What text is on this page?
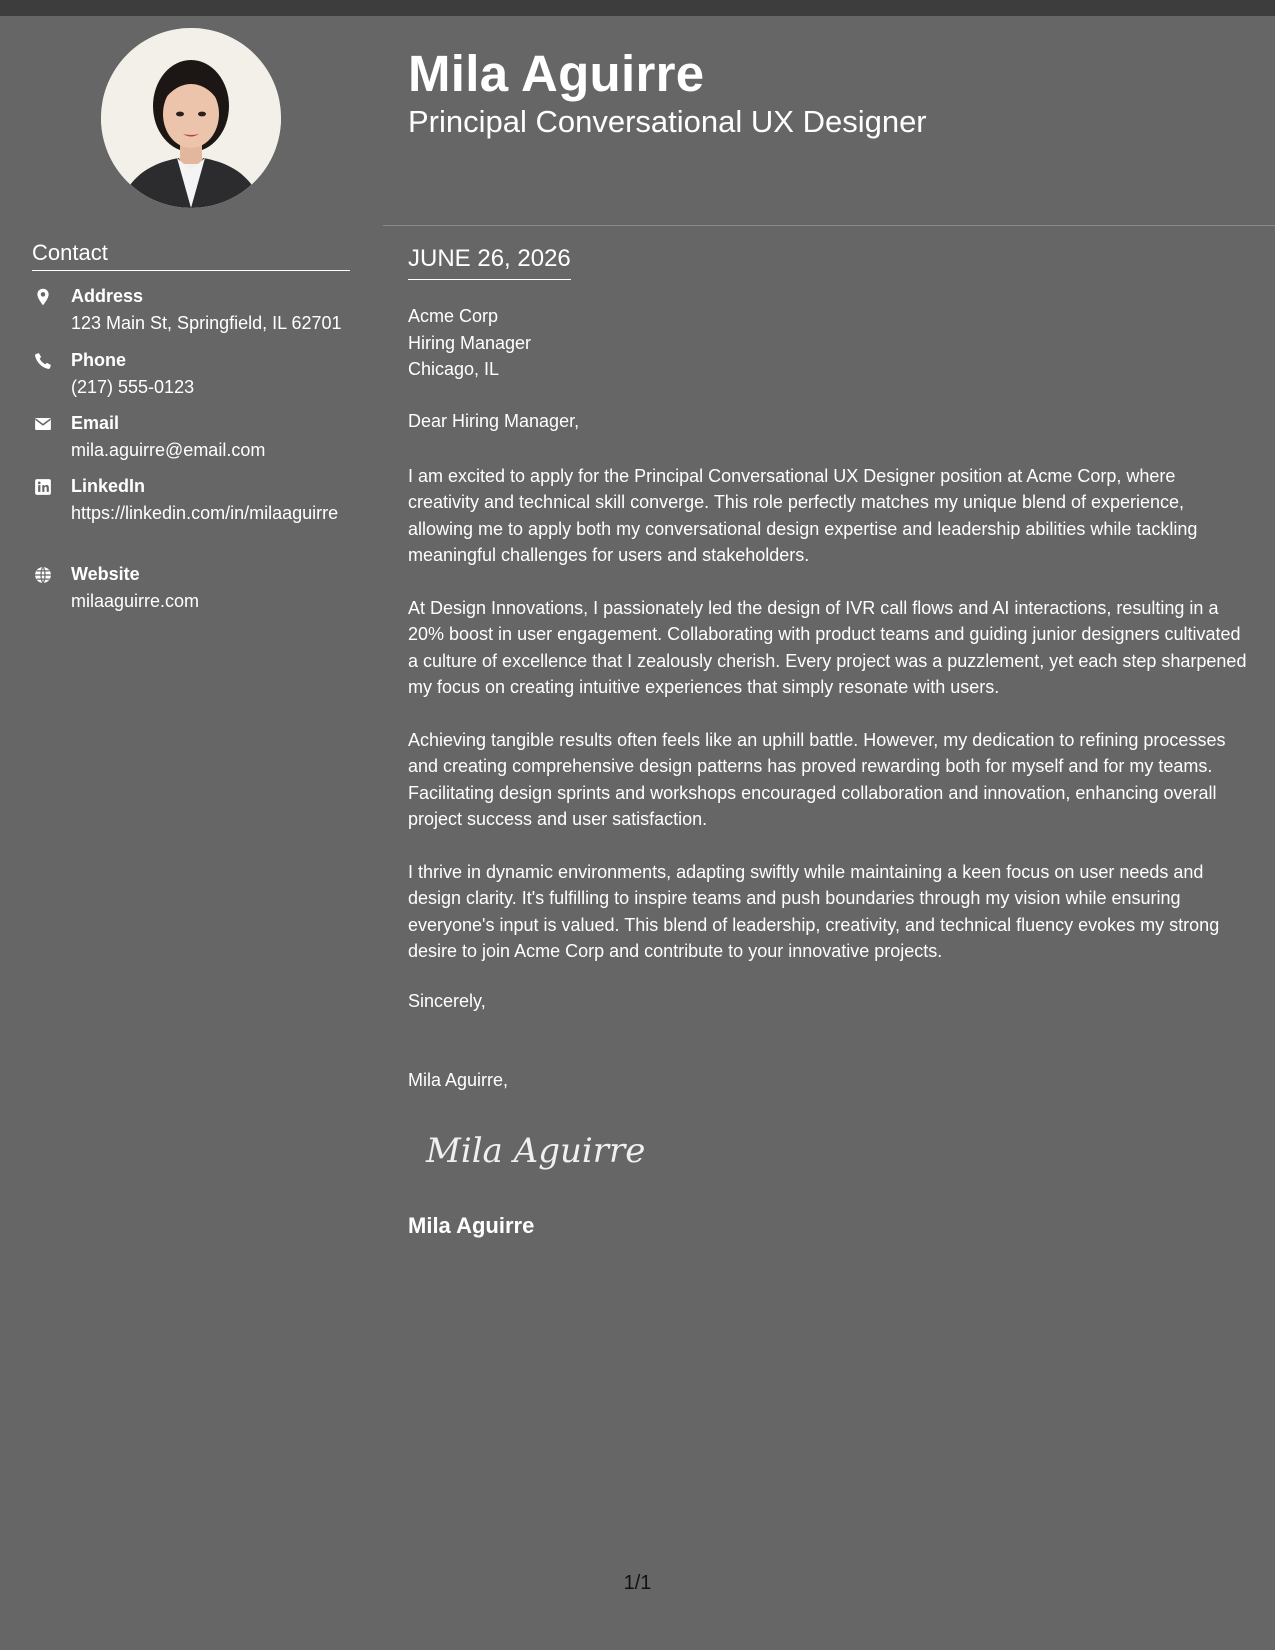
Contact
Address
123 Main St, Springfield, IL 62701
Phone
(217) 555-0123
Email
mila.aguirre@email.com
LinkedIn
https://linkedin.com/in/milaaguirre
Website
milaaguirre.com
Mila Aguirre
Principal Conversational UX Designer
JUNE 26, 2026
Acme Corp
Hiring Manager
Chicago, IL
Dear Hiring Manager,
I am excited to apply for the Principal Conversational UX Designer position at Acme Corp, where creativity and technical skill converge. This role perfectly matches my unique blend of experience, allowing me to apply both my conversational design expertise and leadership abilities while tackling meaningful challenges for users and stakeholders.
At Design Innovations, I passionately led the design of IVR call flows and AI interactions, resulting in a 20% boost in user engagement. Collaborating with product teams and guiding junior designers cultivated a culture of excellence that I zealously cherish. Every project was a puzzlement, yet each step sharpened my focus on creating intuitive experiences that simply resonate with users.
Achieving tangible results often feels like an uphill battle. However, my dedication to refining processes and creating comprehensive design patterns has proved rewarding both for myself and for my teams. Facilitating design sprints and workshops encouraged collaboration and innovation, enhancing overall project success and user satisfaction.
I thrive in dynamic environments, adapting swiftly while maintaining a keen focus on user needs and design clarity. It's fulfilling to inspire teams and push boundaries through my vision while ensuring everyone's input is valued. This blend of leadership, creativity, and technical fluency evokes my strong desire to join Acme Corp and contribute to your innovative projects.
Sincerely,
Mila Aguirre,
Mila Aguirre
Mila Aguirre
1/1
